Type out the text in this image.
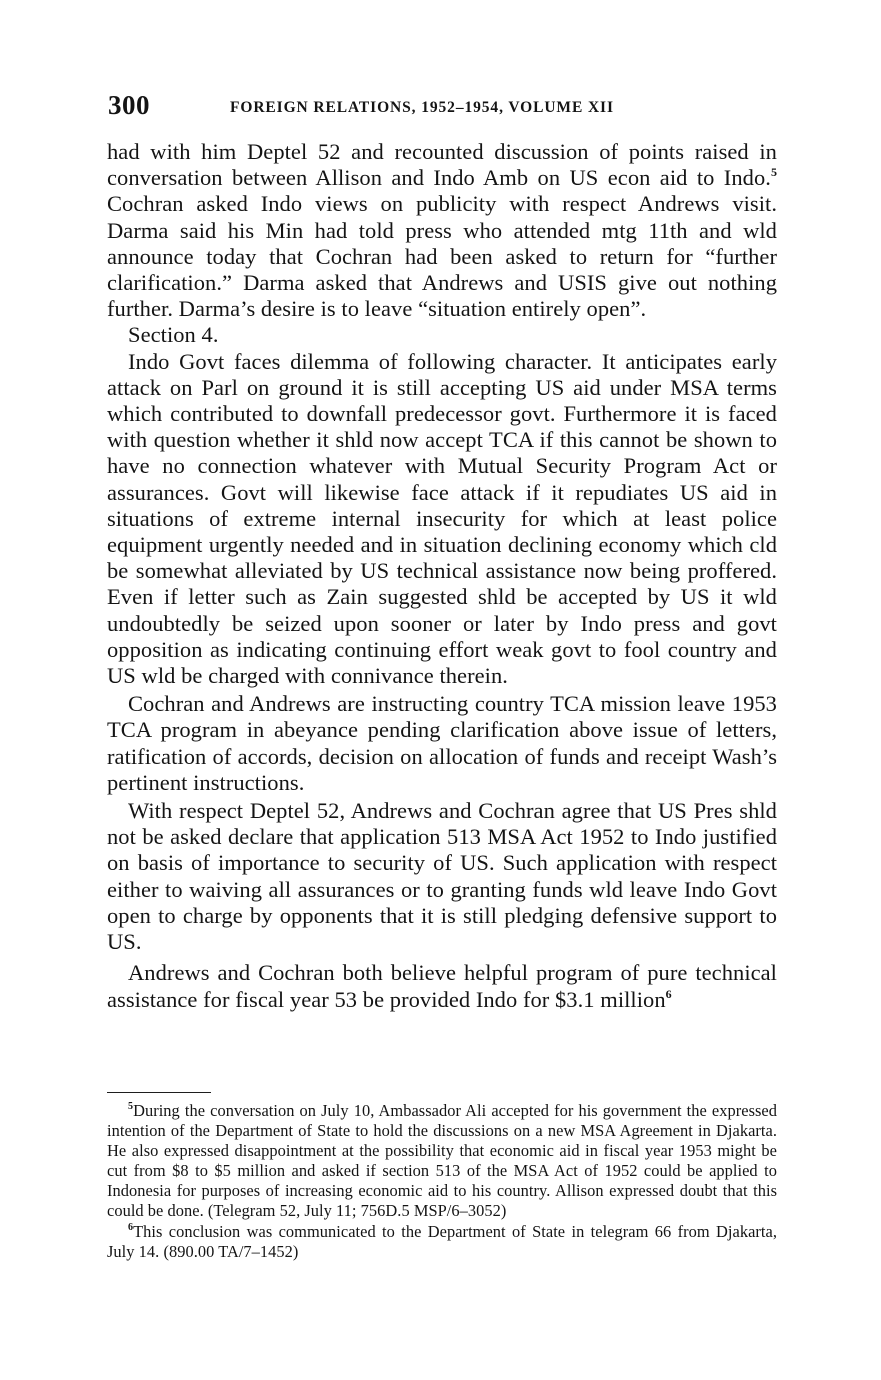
300	FOREIGN RELATIONS, 1952–1954, VOLUME XII

had with him Deptel 52 and recounted discussion of points raised in conversation between Allison and Indo Amb on US econ aid to Indo.$^5$ Cochran asked Indo views on publicity with respect Andrews visit. Darma said his Min had told press who attended mtg 11th and wld announce today that Cochran had been asked to return for “further clarification.” Darma asked that Andrews and USIS give out nothing further. Darma’s desire is to leave “situation entirely open”.

Section 4.

Indo Govt faces dilemma of following character. It anticipates early attack on Parl on ground it is still accepting US aid under MSA terms which contributed to downfall predecessor govt. Furthermore it is faced with question whether it shld now accept TCA if this cannot be shown to have no connection whatever with Mutual Security Program Act or assurances. Govt will likewise face attack if it repudiates US aid in situations of extreme internal insecurity for which at least police equipment urgently needed and in situation declining economy which cld be somewhat alleviated by US technical assistance now being proffered. Even if letter such as Zain suggested shld be accepted by US it wld undoubtedly be seized upon sooner or later by Indo press and govt opposition as indicating continuing effort weak govt to fool country and US wld be charged with connivance therein.

Cochran and Andrews are instructing country TCA mission leave 1953 TCA program in abeyance pending clarification above issue of letters, ratification of accords, decision on allocation of funds and receipt Wash’s pertinent instructions.

With respect Deptel 52, Andrews and Cochran agree that US Pres shld not be asked declare that application 513 MSA Act 1952 to Indo justified on basis of importance to security of US. Such application with respect either to waiving all assurances or to granting funds wld leave Indo Govt open to charge by opponents that it is still pledging defensive support to US.

Andrews and Cochran both believe helpful program of pure technical assistance for fiscal year 53 be provided Indo for $3.1 million$^6$

$^5$During the conversation on July 10, Ambassador Ali accepted for his government the expressed intention of the Department of State to hold the discussions on a new MSA Agreement in Djakarta. He also expressed disappointment at the possibility that economic aid in fiscal year 1953 might be cut from $8 to $5 million and asked if section 513 of the MSA Act of 1952 could be applied to Indonesia for purposes of increasing economic aid to his country. Allison expressed doubt that this could be done. (Telegram 52, July 11; 756D.5 MSP/6–3052)

$^6$This conclusion was communicated to the Department of State in telegram 66 from Djakarta, July 14. (890.00 TA/7–1452)
